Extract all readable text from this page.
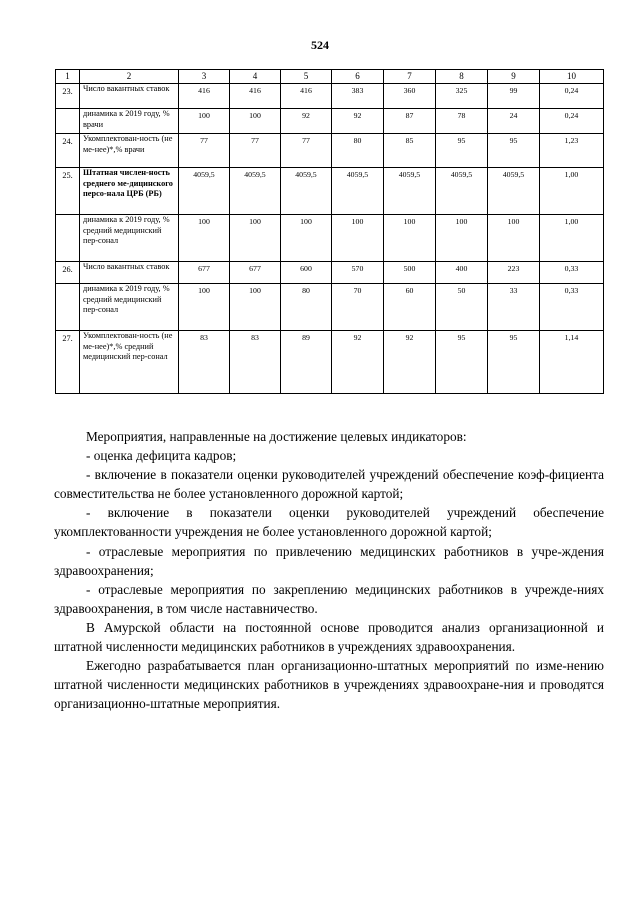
524
1	2	3	4	5	6	7	8	9	10
23.	Число вакантных ставок	416	416	416	383	360	325	99	0,24
	динамика к 2019 году, % врачи	100	100	92	92	87	78	24	0,24
24.	Укомплектован-ность (не ме-нее)*,% врачи	77	77	77	80	85	95	95	1,23
25.	Штатная числен-ность среднего ме-дицинского персо-нала ЦРБ (РБ)	4059,5	4059,5	4059,5	4059,5	4059,5	4059,5	4059,5	1,00
	динамика к 2019 году, % средний медицинский пер-сонал	100	100	100	100	100	100	100	1,00
26.	Число вакантных ставок	677	677	600	570	500	400	223	0,33
	динамика к 2019 году, % средний медицинский пер-сонал	100	100	80	70	60	50	33	0,33
27.	Укомплектован-ность (не ме-нее)*,% средний медицинский пер-сонал	83	83	89	92	92	95	95	1,14

Мероприятия, направленные на достижение целевых индикаторов:

- оценка дефицита кадров;

- включение в показатели оценки руководителей учреждений обеспечение коэф-фициента совместительства не более установленного дорожной картой;

- включение в показатели оценки руководителей учреждений обеспечение укомплектованности учреждения не более установленного дорожной картой;

- отраслевые мероприятия по привлечению медицинских работников в учре-ждения здравоохранения;

- отраслевые мероприятия по закреплению медицинских работников в учрежде-ниях здравоохранения, в том числе наставничество.

В Амурской области на постоянной основе проводится анализ организационной и штатной численности медицинских работников в учреждениях здравоохранения.

Ежегодно разрабатывается план организационно-штатных мероприятий по изме-нению штатной численности медицинских работников в учреждениях здравоохране-ния и проводятся организационно-штатные мероприятия.
